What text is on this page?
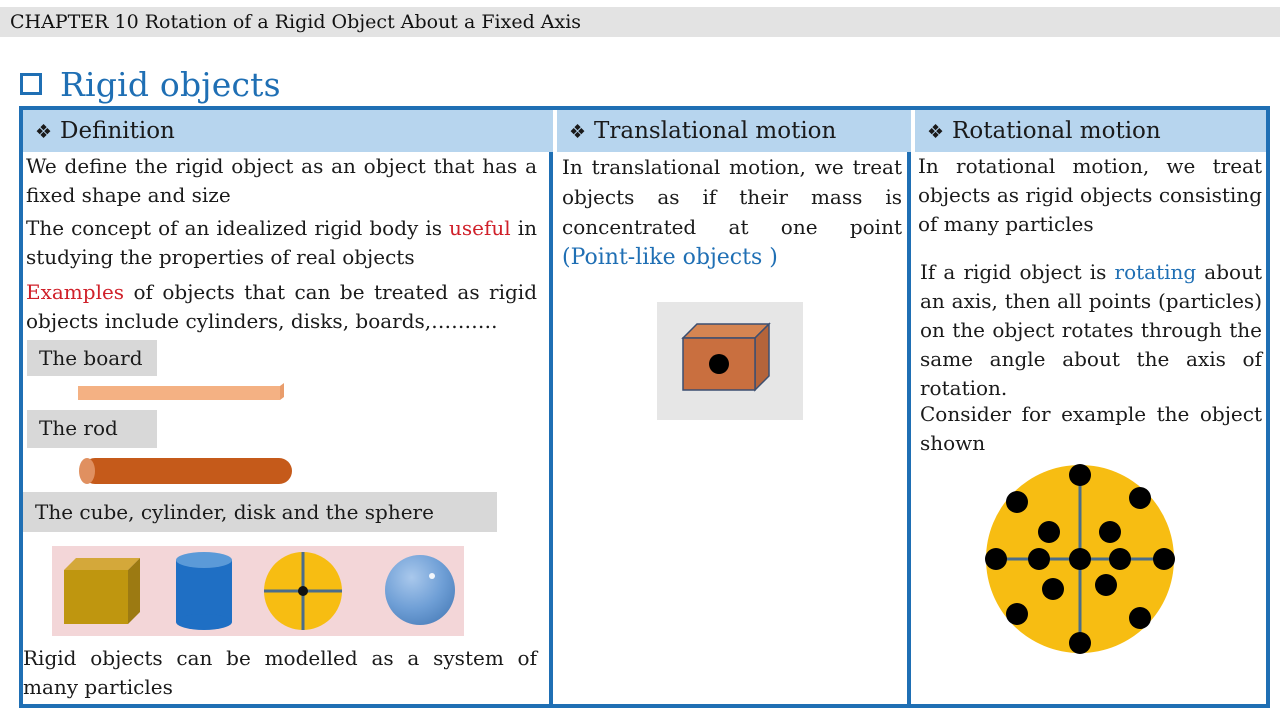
CHAPTER 10 Rotation of a Rigid Object About a Fixed Axis
Rigid objects
❖ Definition
We define the rigid object as an object that has a fixed shape and size
The concept of an idealized rigid body is useful in studying the properties of real objects
Examples of objects that can be treated as rigid objects include cylinders, disks, boards,……….
The board
The rod
The cube, cylinder, disk and the sphere
Rigid objects can be modelled as a system of many particles
❖ Translational motion
In translational motion, we treat objects as if their mass is concentrated at one point (Point-like objects )
❖ Rotational motion
In rotational motion, we treat objects as rigid objects consisting of many particles
If a rigid object is rotating about an axis, then all points (particles) on the object rotates through the same angle about the axis of rotation.
Consider for example the object shown
